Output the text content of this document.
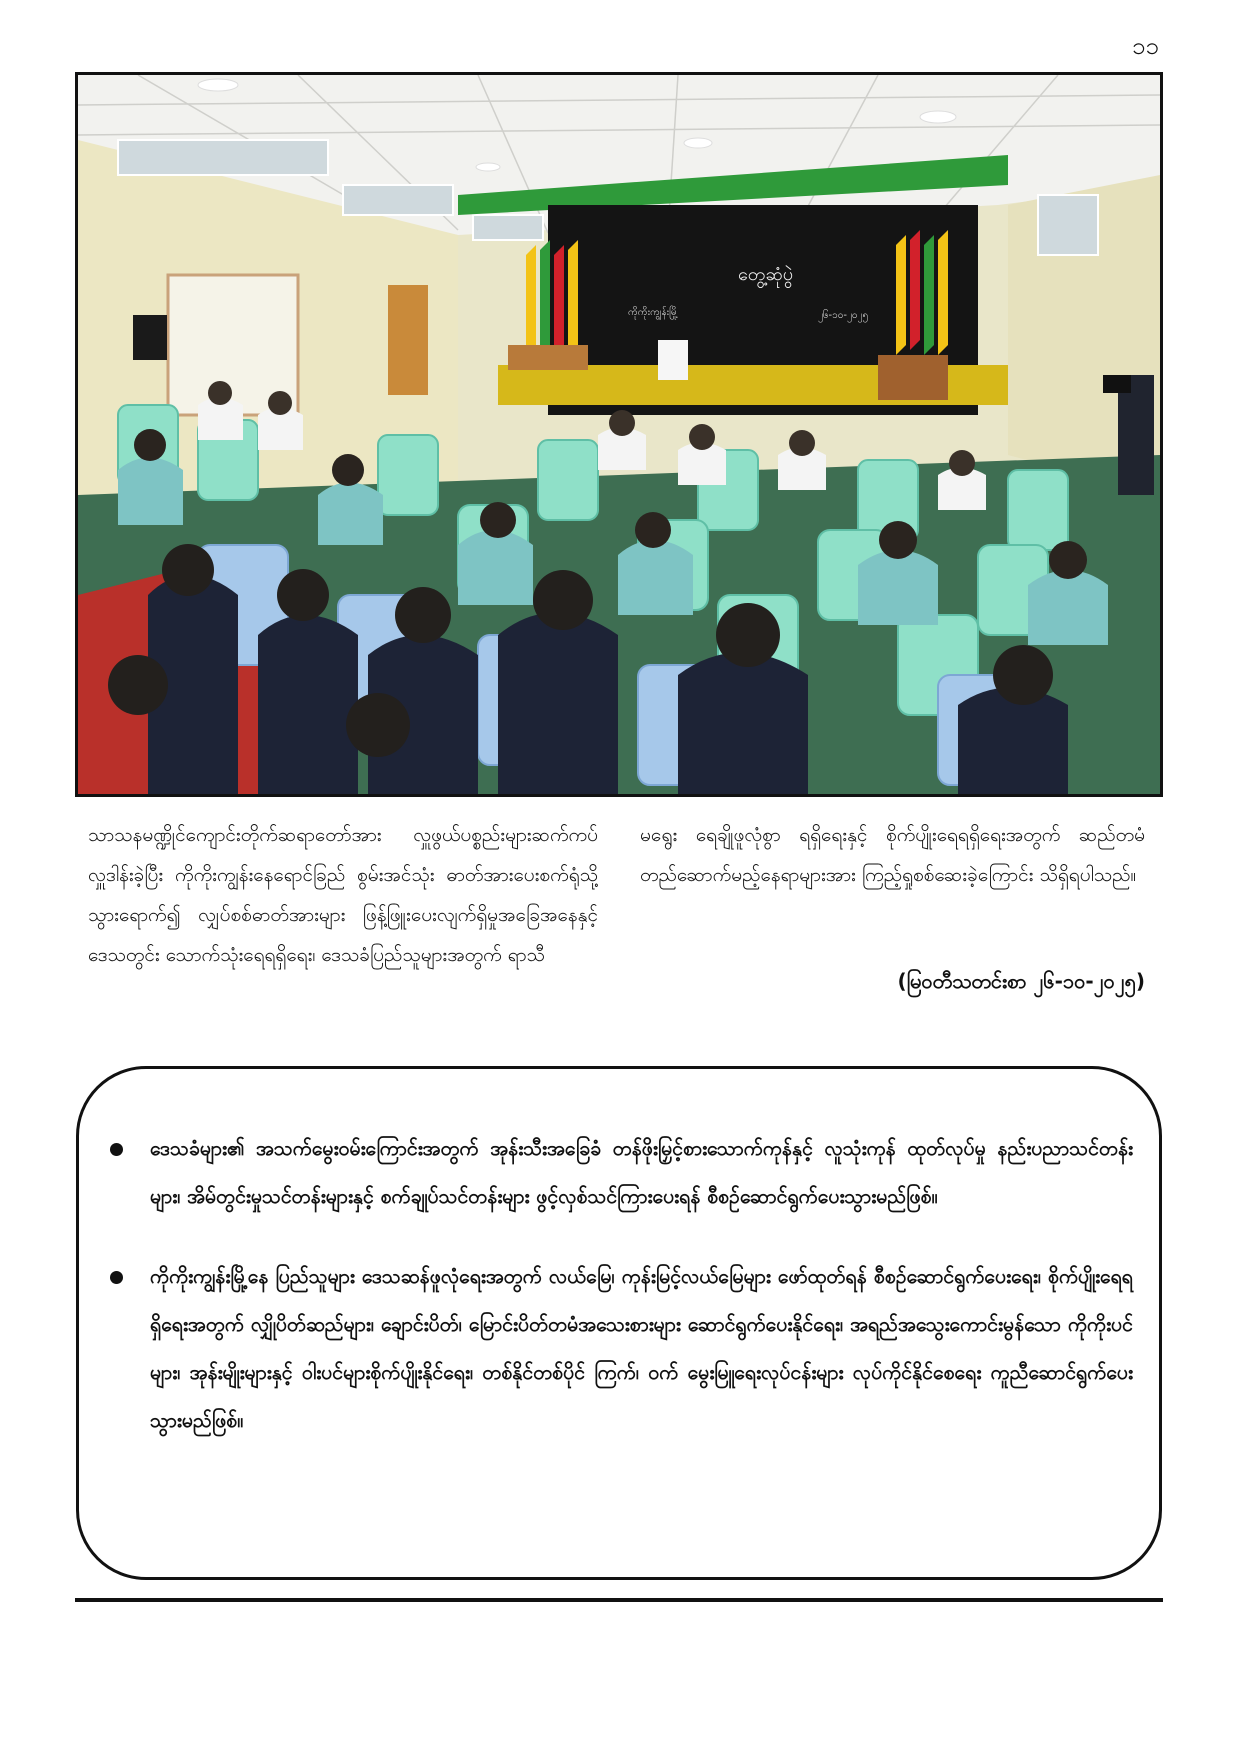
၁၁
တွေ့ဆုံပွဲ
ကိုကိုးကျွန်းမြို့	၂၆-၁၀-၂၀၂၅
သာသနမဏ္ဍိုင်ကျောင်းတိုက်ဆရာတော်အား လှူဖွယ်ပစ္စည်းများဆက်ကပ်လှူဒါန်းခဲ့ပြီး ကိုကိုးကျွန်းနေရောင်ခြည် စွမ်းအင်သုံး ဓာတ်အားပေးစက်ရုံသို့ သွားရောက်၍ လျှပ်စစ်ဓာတ်အားများ ဖြန့်ဖြူးပေးလျက်ရှိမှုအခြေအနေနှင့် ဒေသတွင်း သောက်သုံးရေရရှိရေး၊ ဒေသခံပြည်သူများအတွက် ရာသီ
မရွေး ရေချိုဖူလုံစွာ ရရှိရေးနှင့် စိုက်ပျိုးရေရရှိရေးအတွက် ဆည်တမံတည်ဆောက်မည့်နေရာများအား ကြည့်ရှုစစ်ဆေးခဲ့ကြောင်း သိရှိရပါသည်။
(မြဝတီသတင်းစာ ၂၆-၁၀-၂၀၂၅)
ဒေသခံများ၏ အသက်မွေးဝမ်းကြောင်းအတွက် အုန်းသီးအခြေခံ တန်ဖိုးမြှင့်စားသောက်ကုန်နှင့် လူသုံးကုန် ထုတ်လုပ်မှု နည်းပညာသင်တန်းများ၊ အိမ်တွင်းမှုသင်တန်းများနှင့် စက်ချုပ်သင်တန်းများ ဖွင့်လှစ်သင်ကြားပေးရန် စီစဉ်ဆောင်ရွက်ပေးသွားမည်ဖြစ်။
ကိုကိုးကျွန်းမြို့နေ ပြည်သူများ ဒေသဆန်ဖူလုံရေးအတွက် လယ်မြေ၊ ကုန်းမြင့်လယ်မြေများ ဖော်ထုတ်ရန် စီစဉ်ဆောင်ရွက်ပေးရေး၊ စိုက်ပျိုးရေရရှိရေးအတွက် လျှိုပိတ်ဆည်များ၊ ချောင်းပိတ်၊ မြောင်းပိတ်တမံအသေးစားများ ဆောင်ရွက်ပေးနိုင်ရေး၊ အရည်အသွေးကောင်းမွန်သော ကိုကိုးပင်များ၊ အုန်းမျိုးများနှင့် ဝါးပင်များစိုက်ပျိုးနိုင်ရေး၊ တစ်နိုင်တစ်ပိုင် ကြက်၊ ဝက် မွေးမြူရေးလုပ်ငန်းများ လုပ်ကိုင်နိုင်စေရေး ကူညီဆောင်ရွက်ပေးသွားမည်ဖြစ်။
